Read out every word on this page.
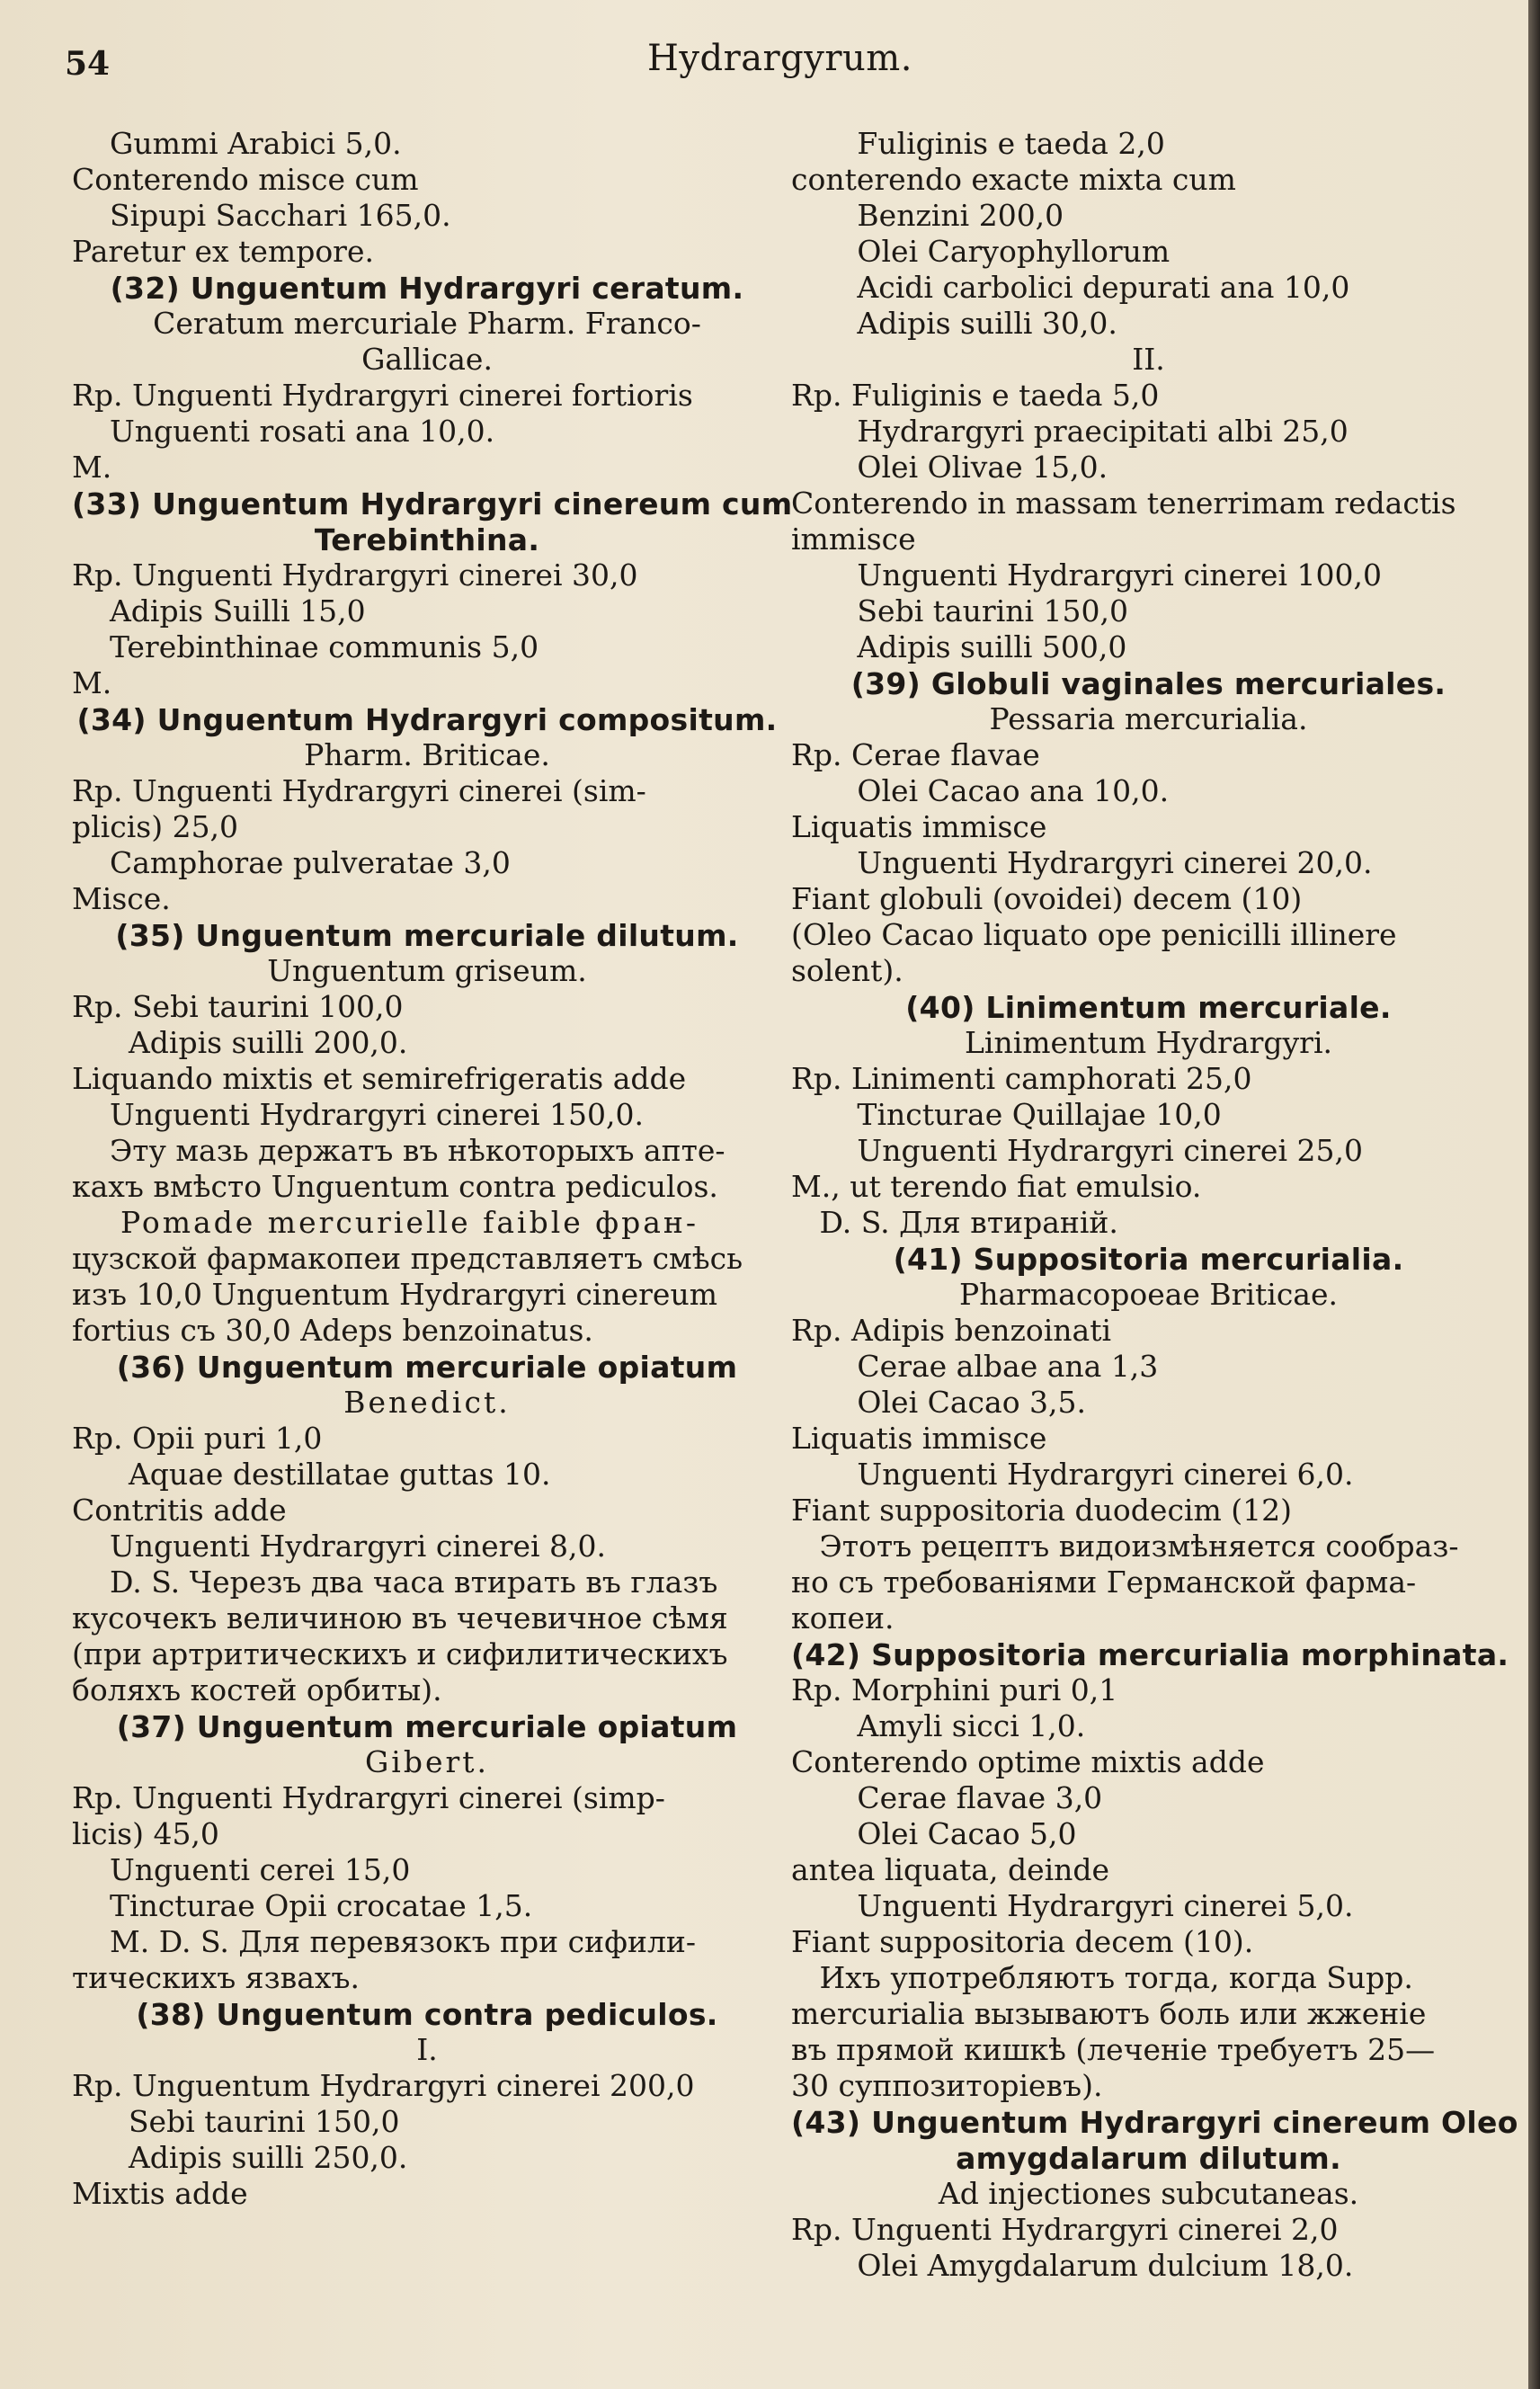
54	Hydrargyrum.
Gummi Arabici 5,0.
Conterendo misce cum
Sipupi Sacchari 165,0.
Paretur ex tempore.
(32) Unguentum Hydrargyri ceratum.
Ceratum mercuriale Pharm. Franco-
Gallicae.
Rp. Unguenti Hydrargyri cinerei fortioris
Unguenti rosati ana 10,0.
M.
(33) Unguentum Hydrargyri cinereum cum
Terebinthina.
Rp. Unguenti Hydrargyri cinerei 30,0
Adipis Suilli 15,0
Terebinthinae communis 5,0
M.
(34) Unguentum Hydrargyri compositum.
Pharm. Briticae.
Rp. Unguenti Hydrargyri cinerei (sim-
plicis) 25,0
Camphorae pulveratae 3,0
Misce.
(35) Unguentum mercuriale dilutum.
Unguentum griseum.
Rp. Sebi taurini 100,0
Adipis suilli 200,0.
Liquando mixtis et semirefrigeratis adde
Unguenti Hydrargyri cinerei 150,0.
Эту мазь держатъ въ нѣкоторыхъ апте-
кахъ вмѣсто Unguentum contra pediculos.
Pomade mercurielle faible фран-
цузской фармакопеи представляетъ смѣсь
изъ 10,0 Unguentum Hydrargyri cinereum
fortius съ 30,0 Adeps benzoinatus.
(36) Unguentum mercuriale opiatum
Benedict.
Rp. Opii puri 1,0
Aquae destillatae guttas 10.
Contritis adde
Unguenti Hydrargyri cinerei 8,0.
D. S. Черезъ два часа втирать въ глазъ
кусочекъ величиною въ чечевичное сѣмя
(при артритическихъ и сифилитическихъ
боляхъ костей орбиты).
(37) Unguentum mercuriale opiatum
Gibert.
Rp. Unguenti Hydrargyri cinerei (simp-
licis) 45,0
Unguenti cerei 15,0
Tincturae Opii crocatae 1,5.
M. D. S. Для перевязокъ при сифили-
тическихъ язвахъ.
(38) Unguentum contra pediculos.
I.
Rp. Unguentum Hydrargyri cinerei 200,0
Sebi taurini 150,0
Adipis suilli 250,0.
Mixtis adde
Fuliginis e taeda 2,0
conterendo exacte mixta cum
Benzini 200,0
Olei Caryophyllorum
Acidi carbolici depurati ana 10,0
Adipis suilli 30,0.
II.
Rp. Fuliginis e taeda 5,0
Hydrargyri praecipitati albi 25,0
Olei Olivae 15,0.
Conterendo in massam tenerrimam redactis
immisce
Unguenti Hydrargyri cinerei 100,0
Sebi taurini 150,0
Adipis suilli 500,0
(39) Globuli vaginales mercuriales.
Pessaria mercurialia.
Rp. Cerae flavae
Olei Cacao ana 10,0.
Liquatis immisce
Unguenti Hydrargyri cinerei 20,0.
Fiant globuli (ovoidei) decem (10)
(Oleo Cacao liquato ope penicilli illinere
solent).
(40) Linimentum mercuriale.
Linimentum Hydrargyri.
Rp. Linimenti camphorati 25,0
Tincturae Quillajae 10,0
Unguenti Hydrargyri cinerei 25,0
M., ut terendo fiat emulsio.
D. S. Для втираній.
(41) Suppositoria mercurialia.
Pharmacopoeae Briticae.
Rp. Adipis benzoinati
Cerae albae ana 1,3
Olei Cacao 3,5.
Liquatis immisce
Unguenti Hydrargyri cinerei 6,0.
Fiant suppositoria duodecim (12)
Этотъ рецептъ видоизмѣняется сообраз-
но съ требованіями Германской фарма-
копеи.
(42) Suppositoria mercurialia morphinata.
Rp. Morphini puri 0,1
Amyli sicci 1,0.
Conterendo optime mixtis adde
Cerae flavae 3,0
Olei Cacao 5,0
antea liquata, deinde
Unguenti Hydrargyri cinerei 5,0.
Fiant suppositoria decem (10).
Ихъ употребляютъ тогда, когда Supp.
mercurialia вызываютъ боль или жженіе
въ прямой кишкѣ (леченіе требуетъ 25—
30 суппозиторіевъ).
(43) Unguentum Hydrargyri cinereum Oleo
amygdalarum dilutum.
Ad injectiones subcutaneas.
Rp. Unguenti Hydrargyri cinerei 2,0
Olei Amygdalarum dulcium 18,0.
